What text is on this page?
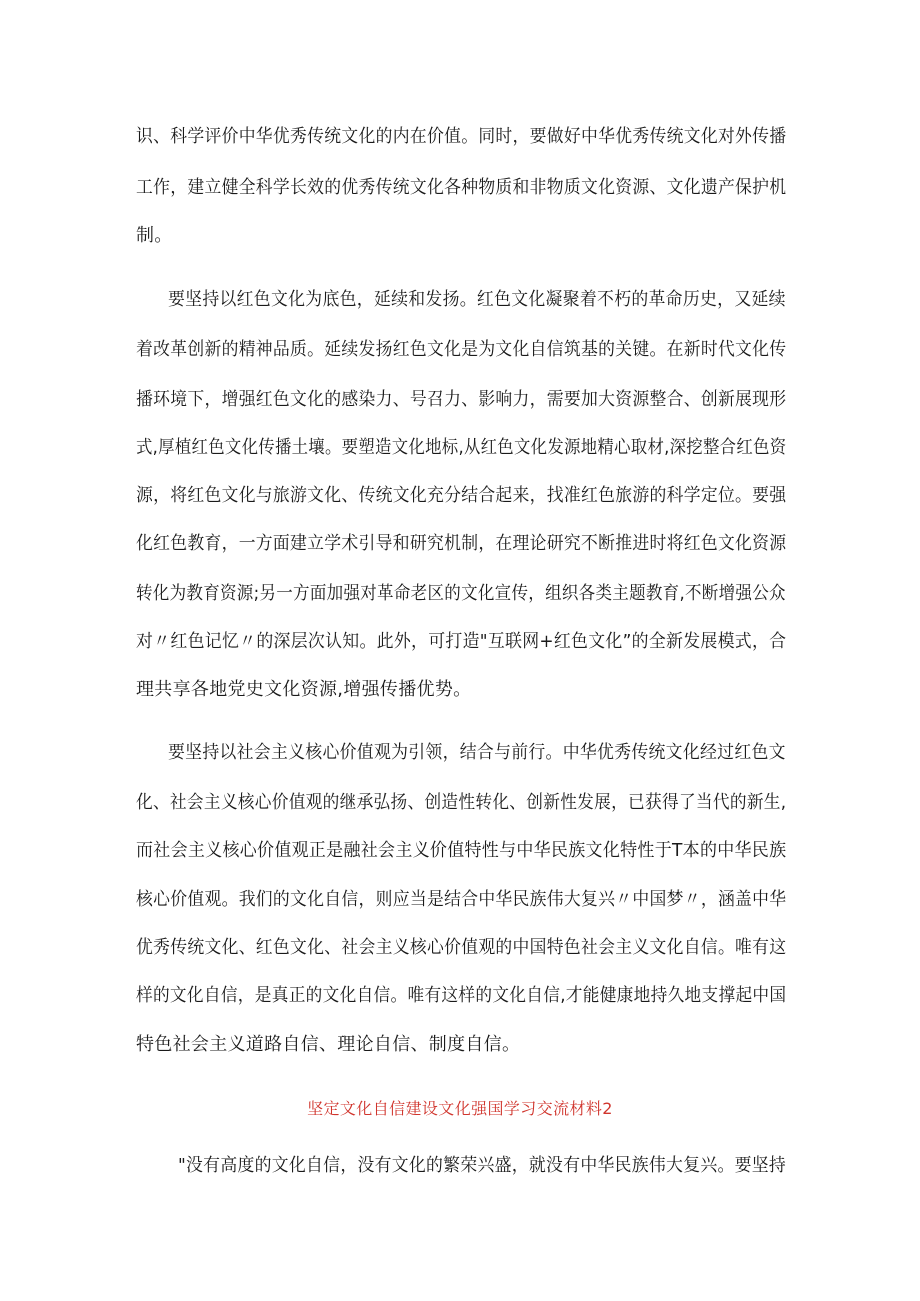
识、科学评价中华优秀传统文化的内在价值。同时，要做好中华优秀传统文化对外传播
工作，建立健全科学长效的优秀传统文化各种物质和非物质文化资源、文化遗产保护机
制。
要坚持以红色文化为底色，延续和发扬。红色文化凝聚着不朽的革命历史，又延续
着改革创新的精神品质。延续发扬红色文化是为文化自信筑基的关键。在新时代文化传
播环境下，增强红色文化的感染力、号召力、影响力，需要加大资源整合、创新展现形
式,厚植红色文化传播土壤。要塑造文化地标,从红色文化发源地精心取材,深挖整合红色资
源，将红色文化与旅游文化、传统文化充分结合起来，找准红色旅游的科学定位。要强
化红色教育，一方面建立学术引导和研究机制，在理论研究不断推进时将红色文化资源
转化为教育资源;另一方面加强对革命老区的文化宣传，组织各类主题教育,不断增强公众
对〃红色记忆〃的深层次认知。此外，可打造"互联网+红色文化”的全新发展模式，合
理共享各地党史文化资源,增强传播优势。
要坚持以社会主义核心价值观为引领，结合与前行。中华优秀传统文化经过红色文
化、社会主义核心价值观的继承弘扬、创造性转化、创新性发展，已获得了当代的新生,
而社会主义核心价值观正是融社会主义价值特性与中华民族文化特性于T本的中华民族
核心价值观。我们的文化自信，则应当是结合中华民族伟大复兴〃中国梦〃，涵盖中华
优秀传统文化、红色文化、社会主义核心价值观的中国特色社会主义文化自信。唯有这
样的文化自信，是真正的文化自信。唯有这样的文化自信,才能健康地持久地支撑起中国
特色社会主义道路自信、理论自信、制度自信。
坚定文化自信建设文化强国学习交流材料2
"没有高度的文化自信，没有文化的繁荣兴盛，就没有中华民族伟大复兴。要坚持
